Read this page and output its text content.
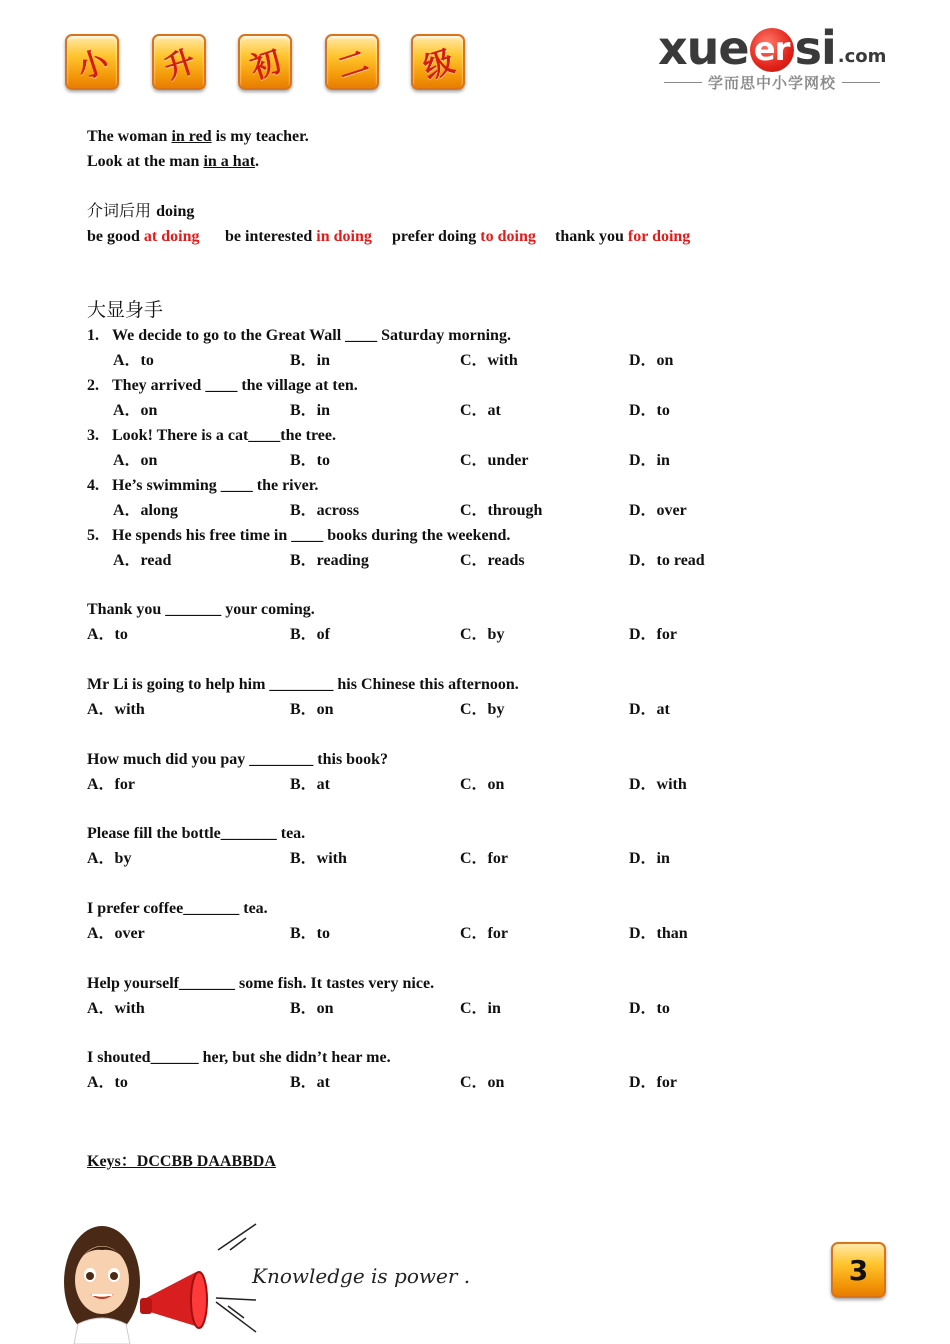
小 升 初 二 级	xue er si .com
学而思中小学网校
The woman in red is my teacher.
Look at the man in a hat.
介词后用 doing
be good at doing be interested in doing prefer doing to doing thank you for doing
大显身手
1. We decide to go to the Great Wall ____ Saturday morning.
A．to	B．in	C．with	D．on
2. They arrived ____ the village at ten.
A．on	B．in	C．at	D．to
3. Look! There is a cat____the tree.
A．on	B．to	C．under	D．in
4. He’s swimming ____ the river.
A．along	B．across	C．through	D．over
5. He spends his free time in ____ books during the weekend.
A．read	B．reading	C．reads	D．to read
Thank you _______ your coming.
A．to	B．of	C．by	D．for
Mr Li is going to help him ________ his Chinese this afternoon.
A．with	B．on	C．by	D．at
How much did you pay ________ this book?
A．for	B．at	C．on	D．with
Please fill the bottle_______ tea.
A．by	B．with	C．for	D．in
I prefer coffee_______ tea.
A．over	B．to	C．for	D．than
Help yourself_______ some fish. It tastes very nice.
A．with	B．on	C．in	D．to
I shouted______ her, but she didn’t hear me.
A．to	B．at	C．on	D．for
Keys：DCCBB DAABBDA
Knowledge is power .	3
